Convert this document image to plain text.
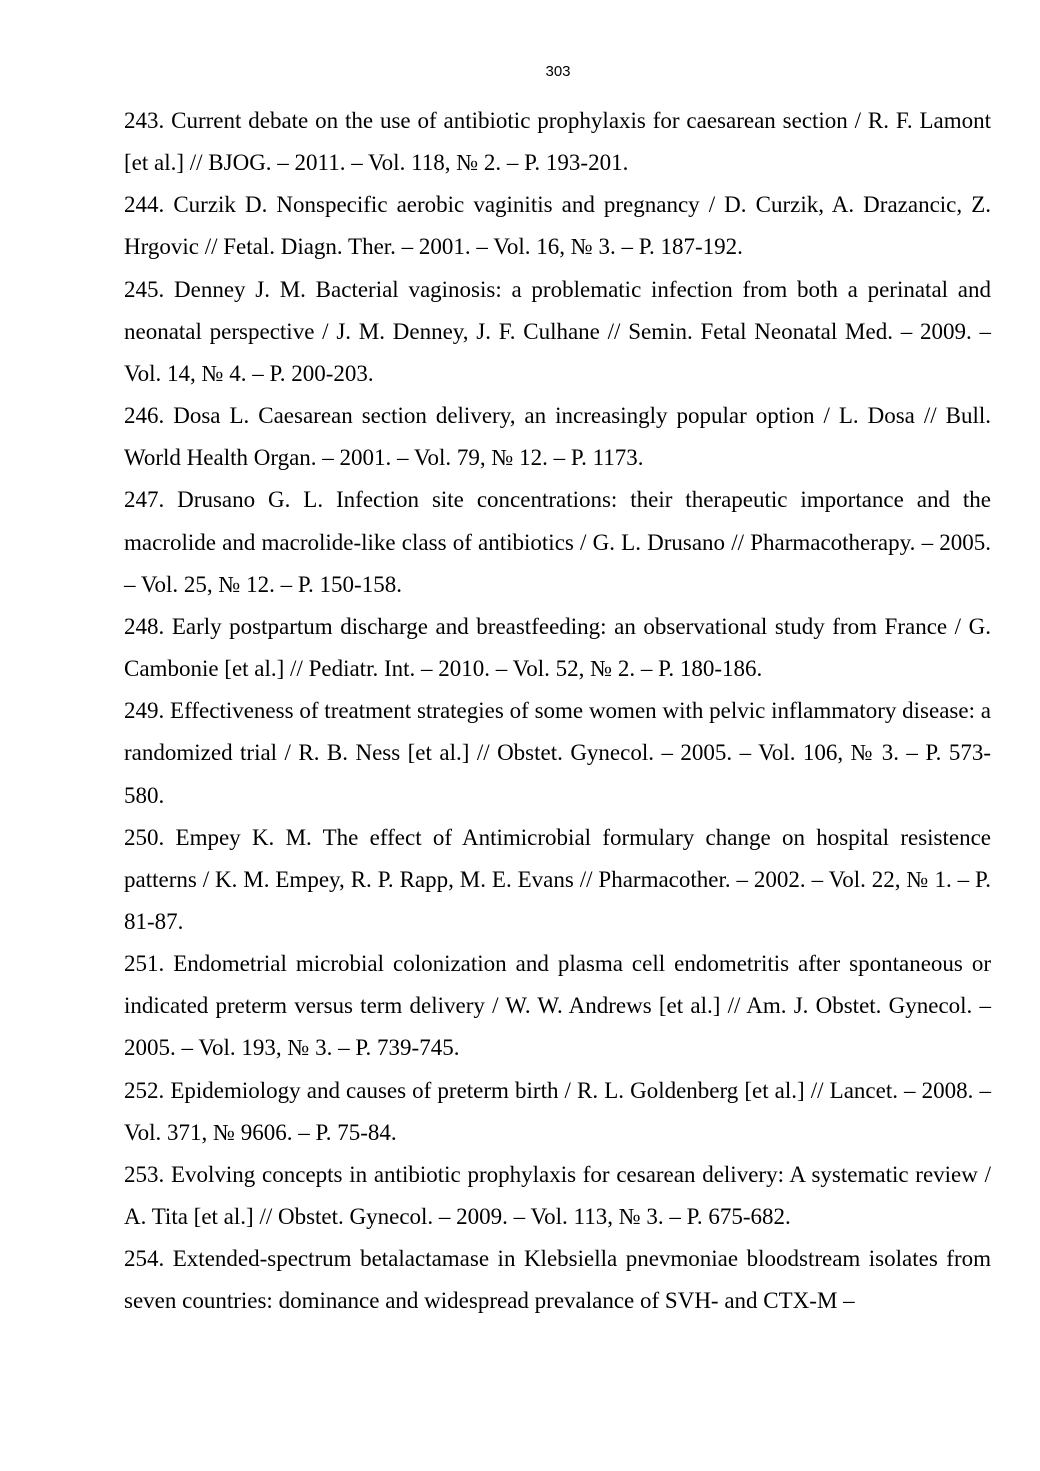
303

243. Current debate on the use of antibiotic prophylaxis for caesarean section / R. F. Lamont [et al.] // BJOG. – 2011. – Vol. 118, № 2. – P. 193-201.

244. Curzik D. Nonspecific aerobic vaginitis and pregnancy / D. Curzik, A. Drazancic, Z. Hrgovic // Fetal. Diagn. Ther. – 2001. – Vol. 16, № 3. – P. 187-192.

245. Denney J. M. Bacterial vaginosis: a problematic infection from both a perinatal and neonatal perspective / J. M. Denney, J. F. Culhane // Semin. Fetal Neonatal Med. – 2009. – Vol. 14, № 4. – P. 200-203.

246. Dosa L. Caesarean section delivery, an increasingly popular option / L. Dosa // Bull. World Health Organ. – 2001. – Vol. 79, № 12. – P. 1173.

247. Drusano G. L. Infection site concentrations: their therapeutic importance and the macrolide and macrolide-like class of antibiotics / G. L. Drusano // Pharmacotherapy. – 2005. – Vol. 25, № 12. – P. 150-158.

248. Early postpartum discharge and breastfeeding: an observational study from France / G. Cambonie [et al.] // Pediatr. Int. – 2010. – Vol. 52, № 2. – P. 180-186.

249. Effectiveness of treatment strategies of some women with pelvic inflammatory disease: a randomized trial / R. B. Ness [et al.] // Obstet. Gynecol. – 2005. – Vol. 106, № 3. – P. 573-580.

250. Empey K. M. The effect of Antimicrobial formulary change on hospital resistence patterns / K. M. Empey, R. P. Rapp, M. E. Evans // Pharmacother. – 2002. – Vol. 22, № 1. – P. 81-87.

251. Endometrial microbial colonization and plasma cell endometritis after spontaneous or indicated preterm versus term delivery / W. W. Andrews [et al.] // Am. J. Obstet. Gynecol. – 2005. – Vol. 193, № 3. – P. 739-745.

252. Epidemiology and causes of preterm birth / R. L. Goldenberg [et al.] // Lancet. – 2008. – Vol. 371, № 9606. – P. 75-84.

253. Evolving concepts in antibiotic prophylaxis for cesarean delivery: A systematic review / A. Tita [et al.] // Obstet. Gynecol. – 2009. – Vol. 113, № 3. – P. 675-682.

254. Extended-spectrum betalactamase in Klebsiella pnevmoniae bloodstream isolates from seven countries: dominance and widespread prevalance of SVH- and CTX-M –
